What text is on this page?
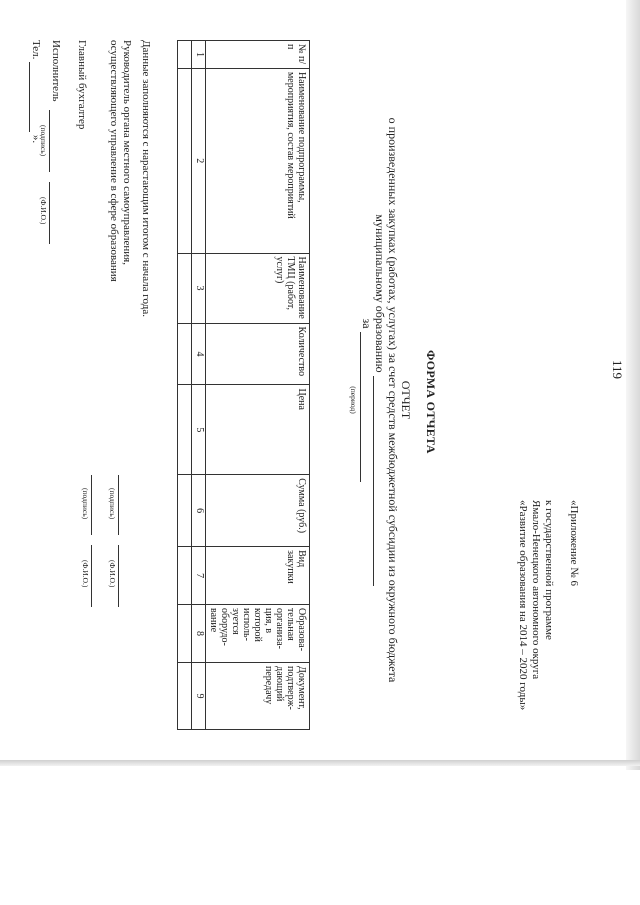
119
«Приложение № 6
к государственной программе
Ямало-Ненецкого автономного округа
«Развитие образования на 2014 – 2020 годы»
ФОРМА ОТЧЕТА
ОТЧЕТ
о произведенных закупках (работах, услугах) за счет средств межбюджетной субсидии из окружного бюджета
муниципальному образованию
за
(период)
№ п/п	Наименование подпрограммы, мероприятия, состав мероприятий	Наименование ТМЦ (работ, услуг)	Количество	Цена	Сумма (руб.)	Вид закупки	Образова-тельная организа-ция, в которой исполь-зуется оборудо-вание	Документ, подтверж-дающий передачу
1	2	3	4	5	6	7	8	9

Данные заполняются с нарастающим итогом с начала года.
Руководитель органа местного самоуправления,
осуществляющего управление в сфере образования
(подпись)
(Ф.И.О.)
(подпись)
(Ф.И.О.)
Главный бухгалтер
Исполнитель
(подпись)
(Ф.И.О.)
Тел.  ».
